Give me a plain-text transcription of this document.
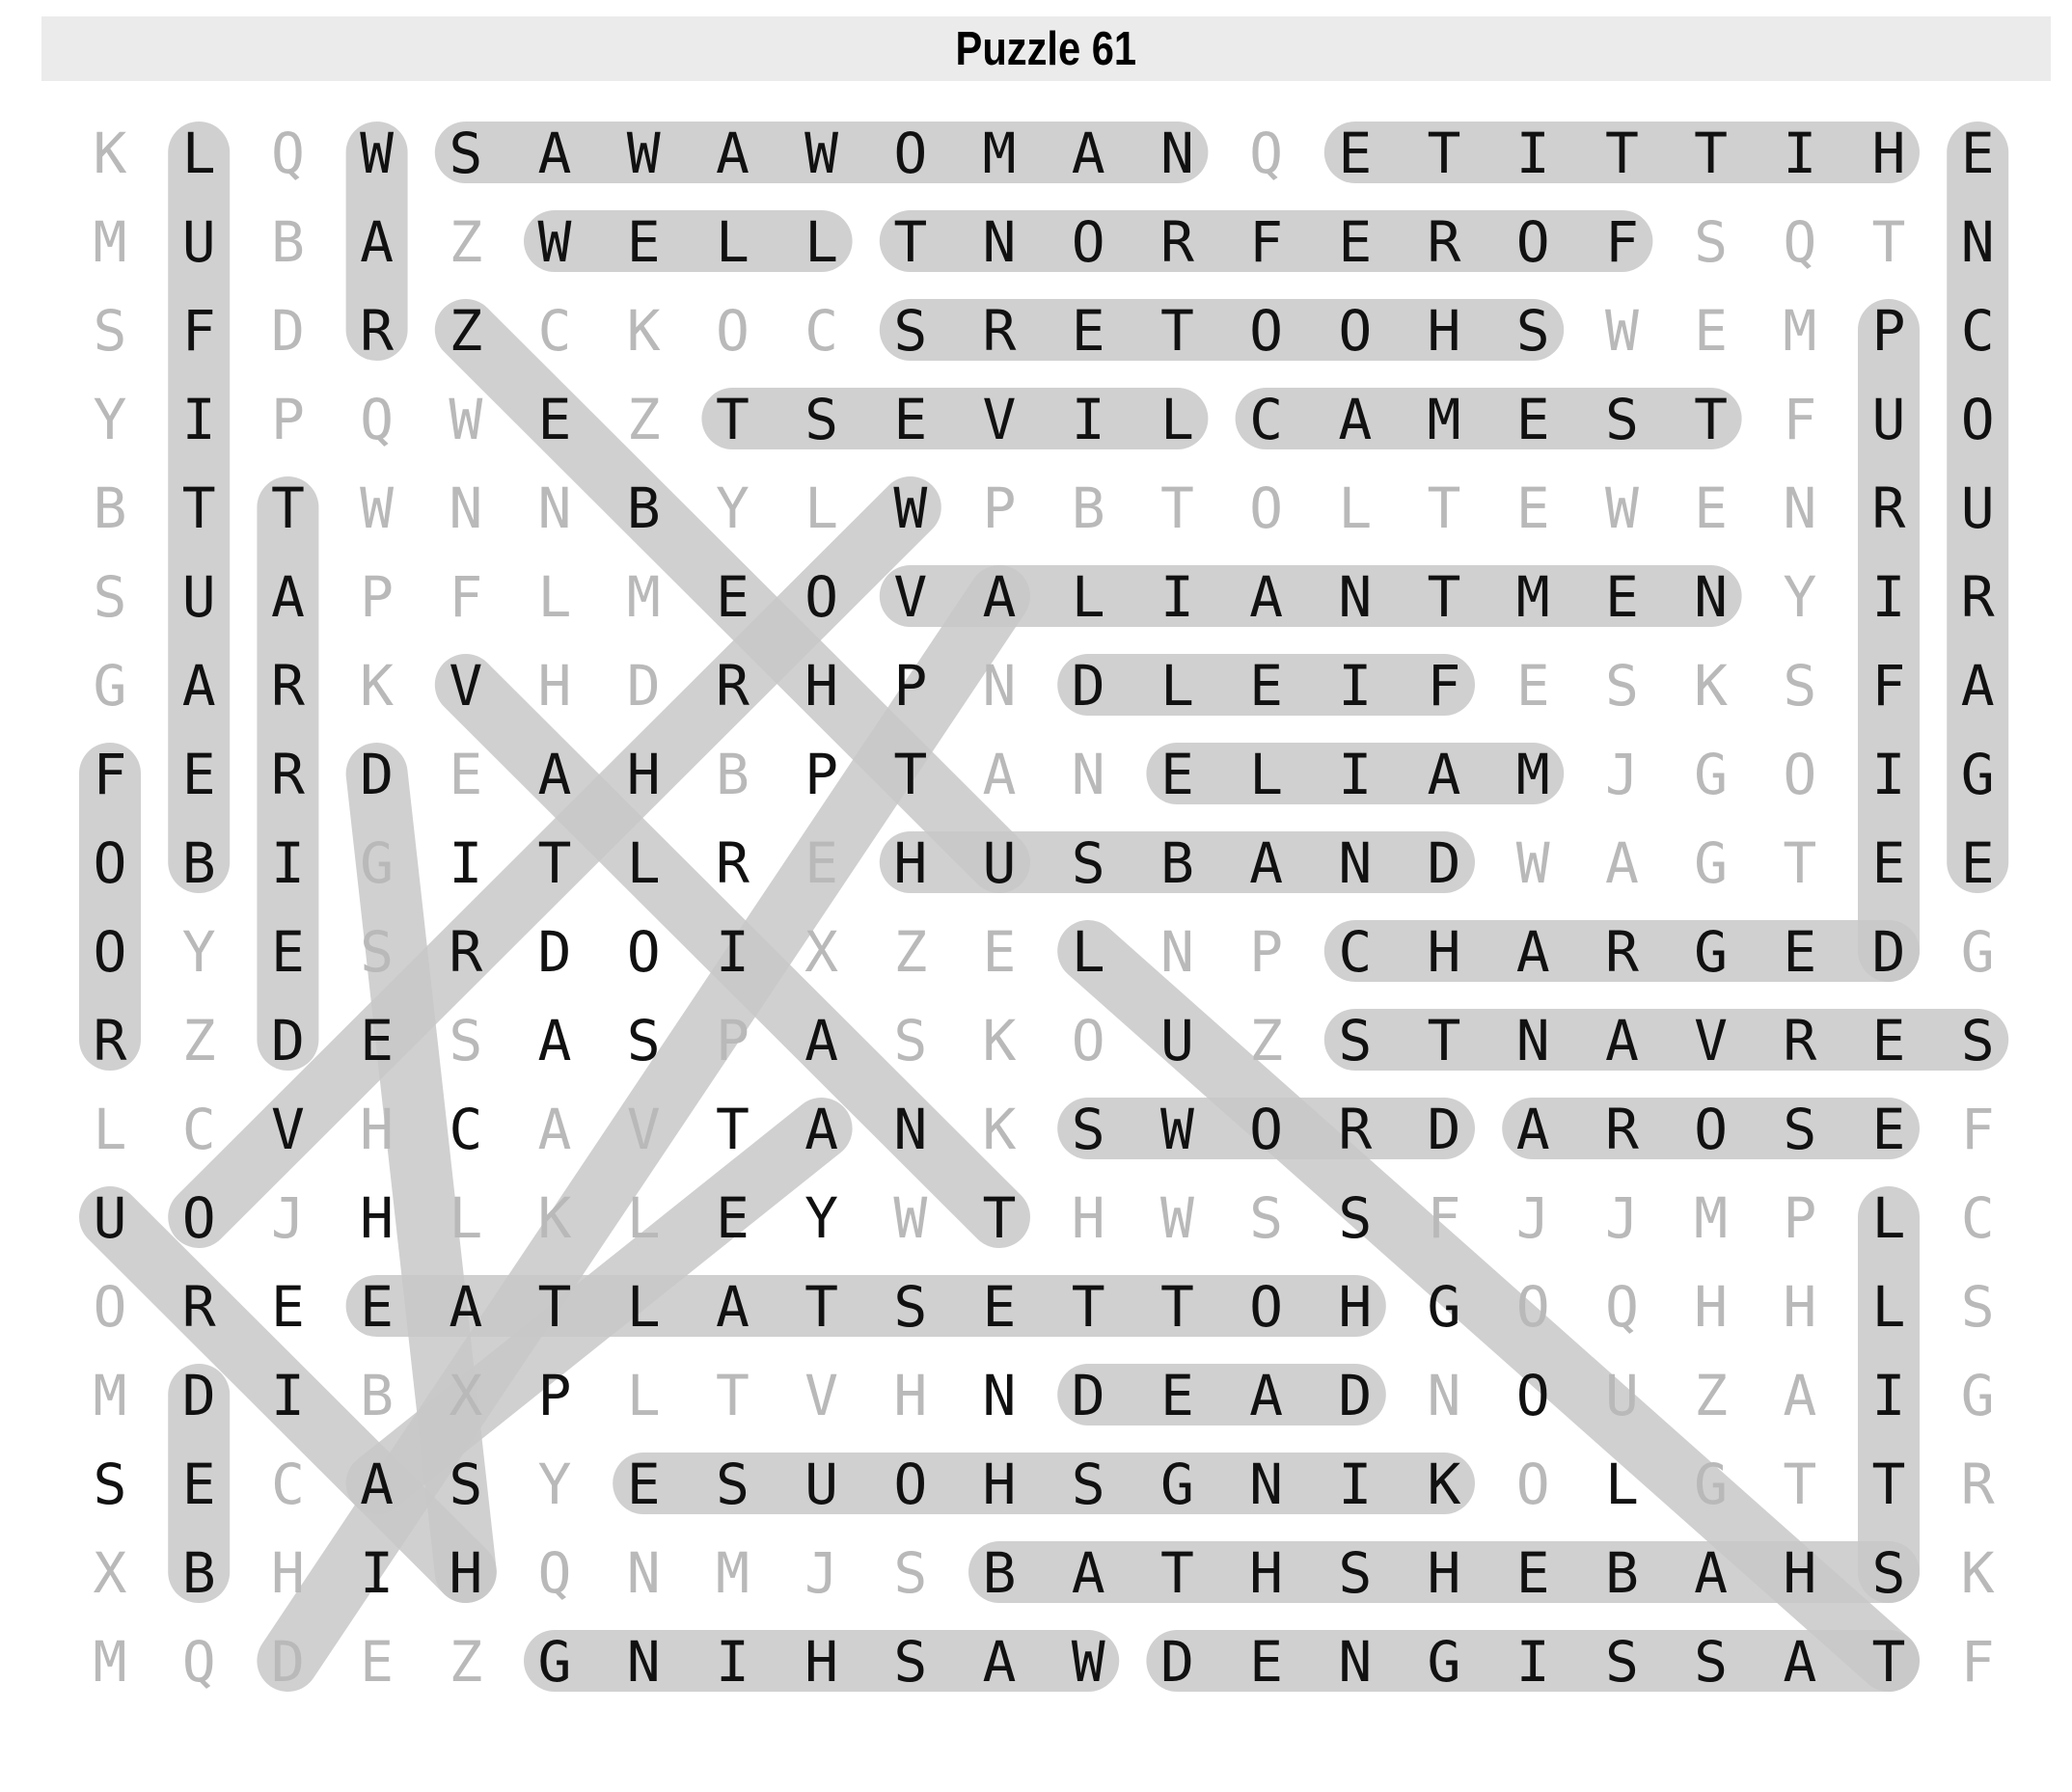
Puzzle 61
K L Q W S A W A W O M A N Q E T I T T I H E
M U B A Z W E L L T N O R F E R O F S Q T N
S F D R Z C K O C S R E T O O H S W E M P C
Y I P Q W E Z T S E V I L C A M E S T F U O
B T T W N N B Y L W P B T O L T E W E N R U
S U A P F L M E O V A L I A N T M E N Y I R
G A R K V H D R H P N D L E I F E S K S F A
F E R D E A H B P T A N E L I A M J G O I G
O B I G I T L R E H U S B A N D W A G T E E
O Y E S R D O I X Z E L N P C H A R G E D G
R Z D E S A S P A S K O U Z S T N A V R E S
L C V H C A V T A N K S W O R D A R O S E F
U O J H L K L E Y W T H W S S F J J M P L C
O R E E A T L A T S E T T O H G O Q H H L S
M D I B X P L T V H N D E A D N O U Z A I G
S E C A S Y E S U O H S G N I K O L G T T R
X B H I H Q N M J S B A T H S H E B A H S K
M Q D E Z G N I H S A W D E N G I S S A T F
